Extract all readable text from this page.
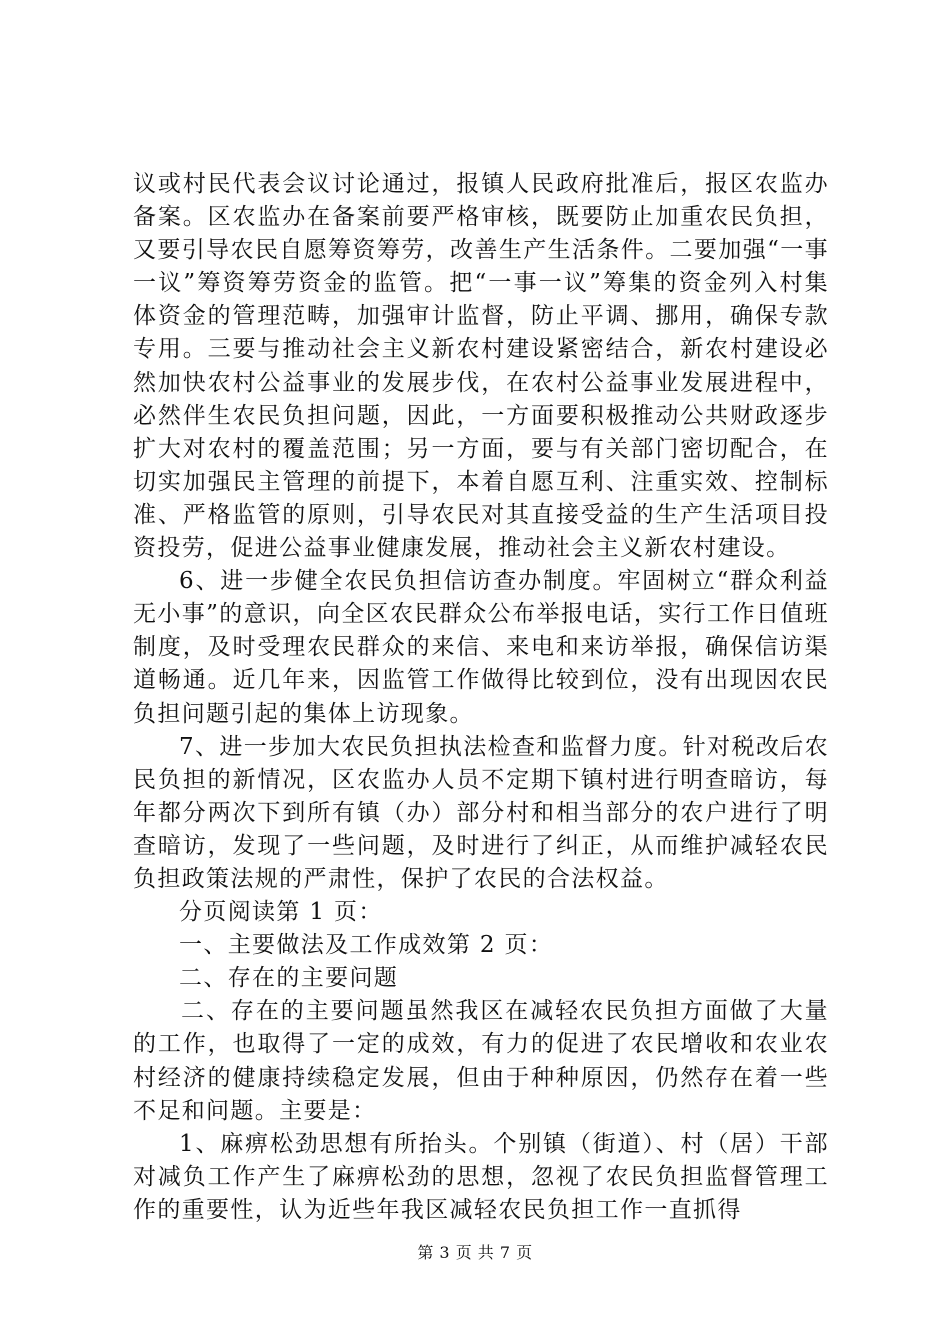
议或村民代表会议讨论通过，报镇人民政府批准后，报区农监办备案。区农监办在备案前要严格审核，既要防止加重农民负担，又要引导农民自愿筹资筹劳，改善生产生活条件。二要加强“一事一议”筹资筹劳资金的监管。把“一事一议”筹集的资金列入村集体资金的管理范畴，加强审计监督，防止平调、挪用，确保专款专用。三要与推动社会主义新农村建设紧密结合，新农村建设必然加快农村公益事业的发展步伐，在农村公益事业发展进程中，必然伴生农民负担问题，因此，一方面要积极推动公共财政逐步扩大对农村的覆盖范围；另一方面，要与有关部门密切配合，在切实加强民主管理的前提下，本着自愿互利、注重实效、控制标准、严格监管的原则，引导农民对其直接受益的生产生活项目投资投劳，促进公益事业健康发展，推动社会主义新农村建设。

6、进一步健全农民负担信访查办制度。牢固树立“群众利益无小事”的意识，向全区农民群众公布举报电话，实行工作日值班制度，及时受理农民群众的来信、来电和来访举报，确保信访渠道畅通。近几年来，因监管工作做得比较到位，没有出现因农民负担问题引起的集体上访现象。

7、进一步加大农民负担执法检查和监督力度。针对税改后农民负担的新情况，区农监办人员不定期下镇村进行明查暗访，每年都分两次下到所有镇（办）部分村和相当部分的农户进行了明查暗访，发现了一些问题，及时进行了纠正，从而维护减轻农民负担政策法规的严肃性，保护了农民的合法权益。

分页阅读第 1 页：

一、主要做法及工作成效第 2 页：

二、存在的主要问题

二、存在的主要问题虽然我区在减轻农民负担方面做了大量的工作，也取得了一定的成效，有力的促进了农民增收和农业农村经济的健康持续稳定发展，但由于种种原因，仍然存在着一些不足和问题。主要是：

1、麻痹松劲思想有所抬头。个别镇（街道）、村（居）干部对减负工作产生了麻痹松劲的思想，忽视了农民负担监督管理工作的重要性，认为近些年我区减轻农民负担工作一直抓得

第 3 页 共 7 页
